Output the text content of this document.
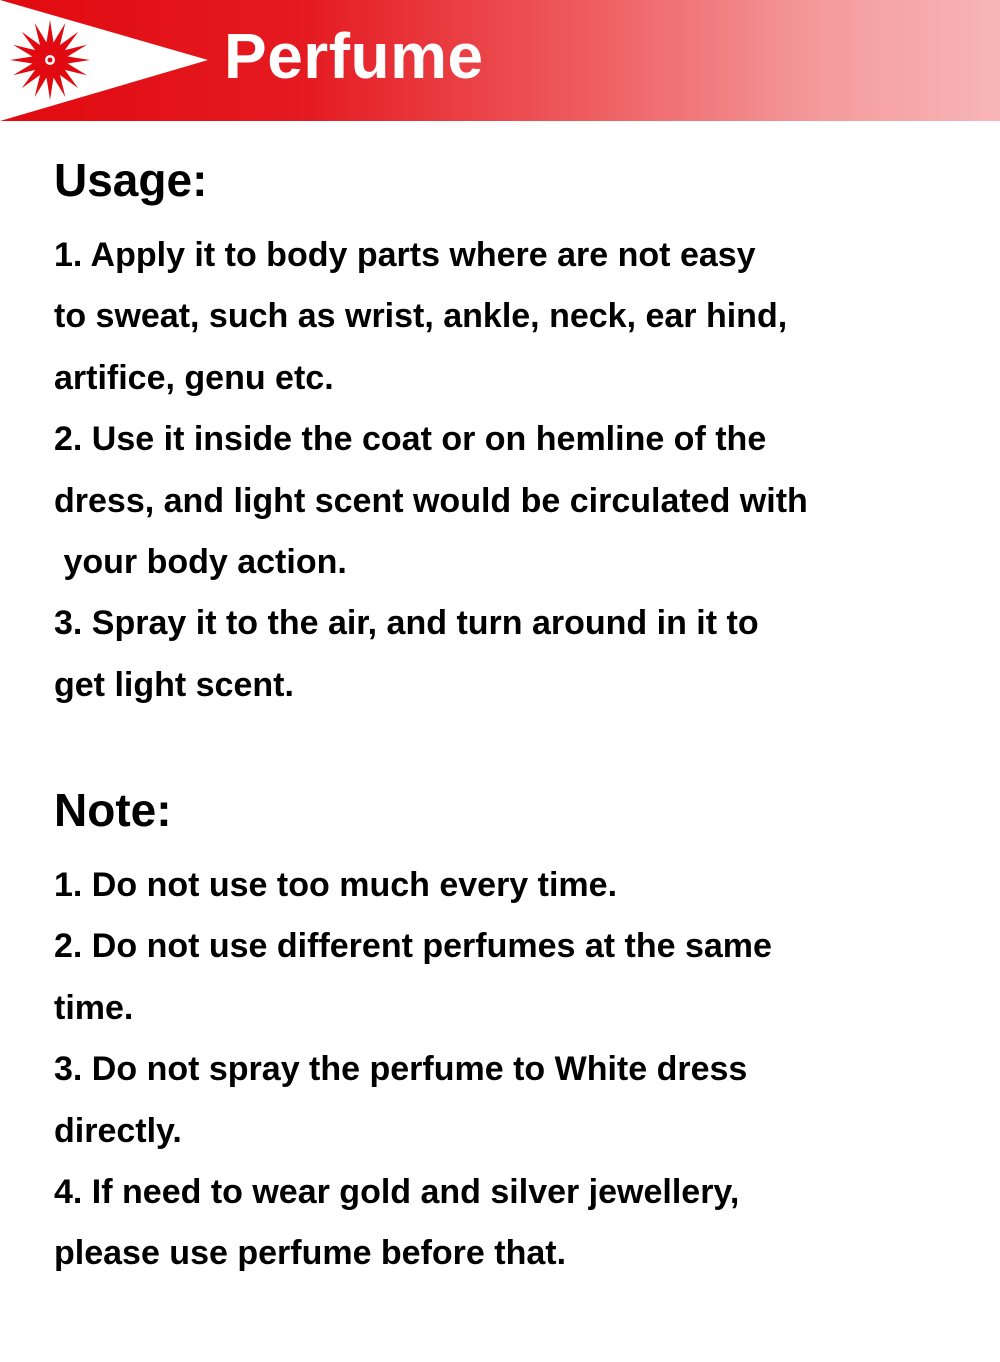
Perfume
Usage:

1. Apply it to body parts where are not easy

to sweat, such as wrist, ankle, neck, ear hind,

artifice, genu etc.

2. Use it inside the coat or on hemline of the

dress, and light scent would be circulated with

your body action.

3. Spray it to the air, and turn around in it to

get light scent.

Note:

1. Do not use too much every time.

2. Do not use different perfumes at the same

time.

3. Do not spray the perfume to White dress

directly.

4. If need to wear gold and silver jewellery,

please use perfume before that.
